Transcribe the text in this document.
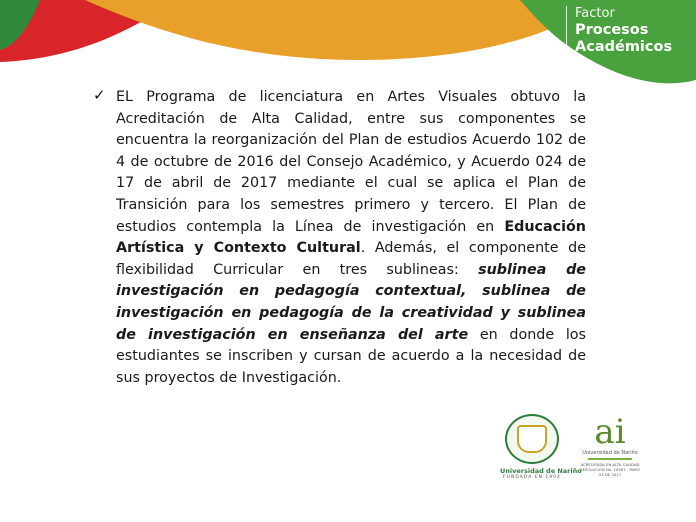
Factor
Procesos
Académicos
✓ EL Programa de licenciatura en Artes Visuales obtuvo la Acreditación de Alta Calidad, entre sus componentes se encuentra la reorganización del Plan de estudios Acuerdo 102 de 4 de octubre de 2016 del Consejo Académico, y Acuerdo 024 de 17 de abril de 2017 mediante el cual se aplica el Plan de Transición para los semestres primero y tercero. El Plan de estudios contempla la Línea de investigación en Educación Artística y Contexto Cultural. Además, el componente de flexibilidad Curricular en tres sublineas: sublinea de investigación en pedagogía contextual, sublinea de investigación en pedagogía de la creatividad y sublinea de investigación en enseñanza del arte en donde los estudiantes se inscriben y cursan de acuerdo a la necesidad de sus proyectos de Investigación.
Universidad de Nariño
FUNDADA EN 1904
ai
Universidad de Nariño
ACREDITADA EN ALTA CALIDAD
RESOLUCIÓN No. 10567 - MAYO 23 DE 2017
